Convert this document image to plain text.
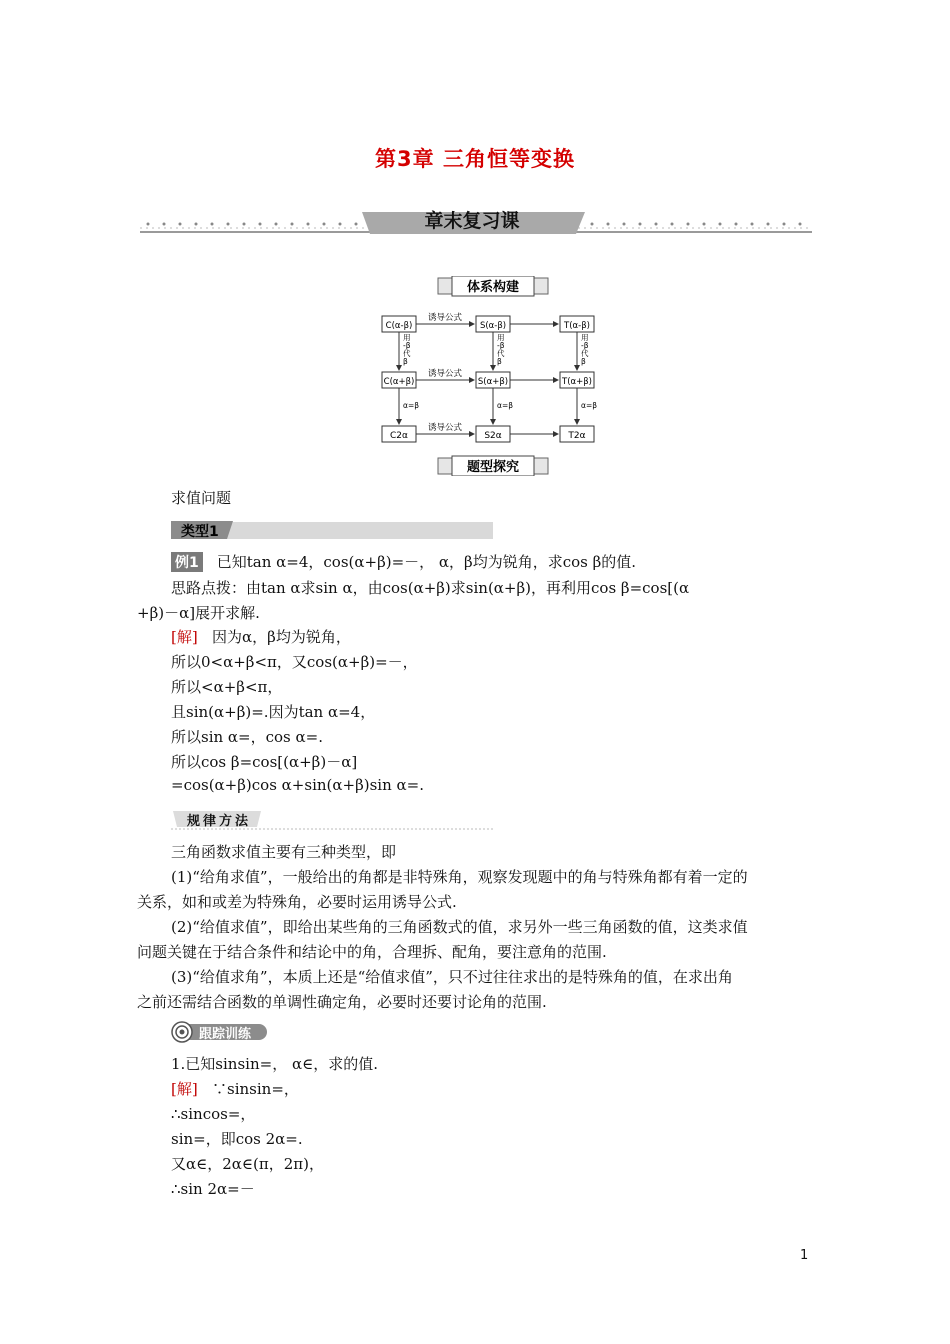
第3章 三角恒等变换
章末复习课
体系构建
C(α-β)	S(α-β)	T(α-β)
C(α+β)	S(α+β)	T(α+β)
C2α	S2α	T2α
诱导公式
诱导公式
诱导公式
用
-β
代
β
用
-β
代
β
用
-β
代
β
α=β	α=β	α=β
题型探究
求值问题
类型1
例1 已知tan α=4，cos(α+β)=－， α，β均为锐角，求cos β的值.
思路点拨：由tan α求sin α，由cos(α+β)求sin(α+β)，再利用cos β=cos[(α
+β)－α]展开求解.
[解] 因为α，β均为锐角，
所以0<α+β<π，又cos(α+β)=－，
所以<α+β<π，
且sin(α+β)=.因为tan α=4，
所以sin α=，cos α=.
所以cos β=cos[(α+β)－α]
=cos(α+β)cos α+sin(α+β)sin α=.
规律方法
三角函数求值主要有三种类型，即
(1)“给角求值”，一般给出的角都是非特殊角，观察发现题中的角与特殊角都有着一定的
关系，如和或差为特殊角，必要时运用诱导公式.
(2)“给值求值”，即给出某些角的三角函数式的值，求另外一些三角函数的值，这类求值
问题关键在于结合条件和结论中的角，合理拆、配角，要注意角的范围.
(3)“给值求角”，本质上还是“给值求值”，只不过往往求出的是特殊角的值，在求出角
之前还需结合函数的单调性确定角，必要时还要讨论角的范围.
跟踪训练
1.已知sinsin=， α∈，求的值.
[解] ∵sinsin=，
∴sincos=，
sin=，即cos 2α=.
又α∈，2α∈(π，2π)，
∴sin 2α=－
1
